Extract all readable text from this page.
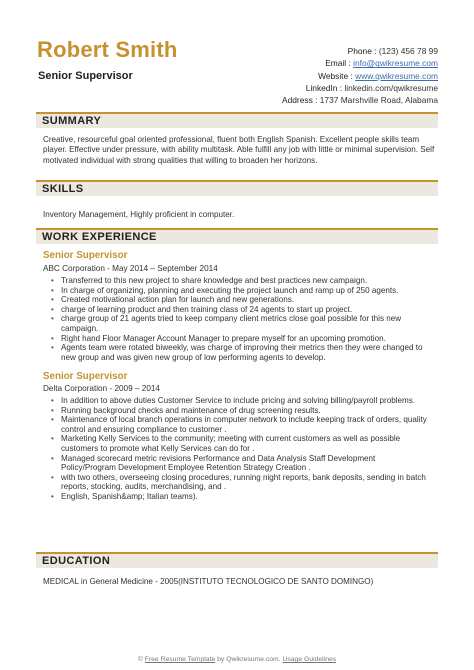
Robert Smith
Senior Supervisor
Phone : (123) 456 78 99
Email : info@qwikresume.com
Website : www.qwikresume.com
LinkedIn : linkedin.com/qwikresume
Address : 1737 Marshville Road, Alabama
SUMMARY
Creative, resourceful goal oriented professional, fluent both English Spanish. Excellent people skills team player. Effective under pressure, with ability multitask. Able fulfill any job with little or minimal supervision. Self motivated individual with strong qualities that willing to broaden her horizons.
SKILLS
Inventory Management, Highly proficient in computer.
WORK EXPERIENCE
Senior Supervisor
ABC Corporation - May 2014 – September 2014
• Transferred to this new project to share knowledge and best practices new campaign.
• In charge of organizing, planning and executing the project launch and ramp up of 250 agents.
• Created motivational action plan for launch and new generations.
• charge of learning product and then training class of 24 agents to start up project.
• charge group of 21 agents tried to keep company client metrics close goal possible for this new campaign.
• Right hand Floor Manager Account Manager to prepare myself for an upcoming promotion.
• Agents team were rotated biweekly, was charge of improving their metrics then they were changed to new group and was given new group of low performing agents to develop.
Senior Supervisor
Delta Corporation - 2009 – 2014
• In addition to above duties Customer Service to include pricing and solving billing/payroll problems.
• Running background checks and maintenance of drug screening results.
• Maintenance of local branch operations in computer network to include keeping track of orders, quality control and ensuring compliance to customer .
• Marketing Kelly Services to the community; meeting with current customers as well as possible customers to promote what Kelly Services can do for .
• Managed scorecard metric revisions Performance and Data Analysis Staff Development Policy/Program Development Employee Retention Strategy Creation .
• with two others, overseeing closing procedures, running night reports, bank deposits, sending in batch reports, stocking, audits, merchandising, and .
• English, Spanish&amp; Italian teams).
EDUCATION
MEDICAL in General Medicine - 2005(INSTITUTO TECNOLOGICO DE SANTO DOMINGO)
© Free Resume Template by Qwikresume.com. Usage Guidelines
